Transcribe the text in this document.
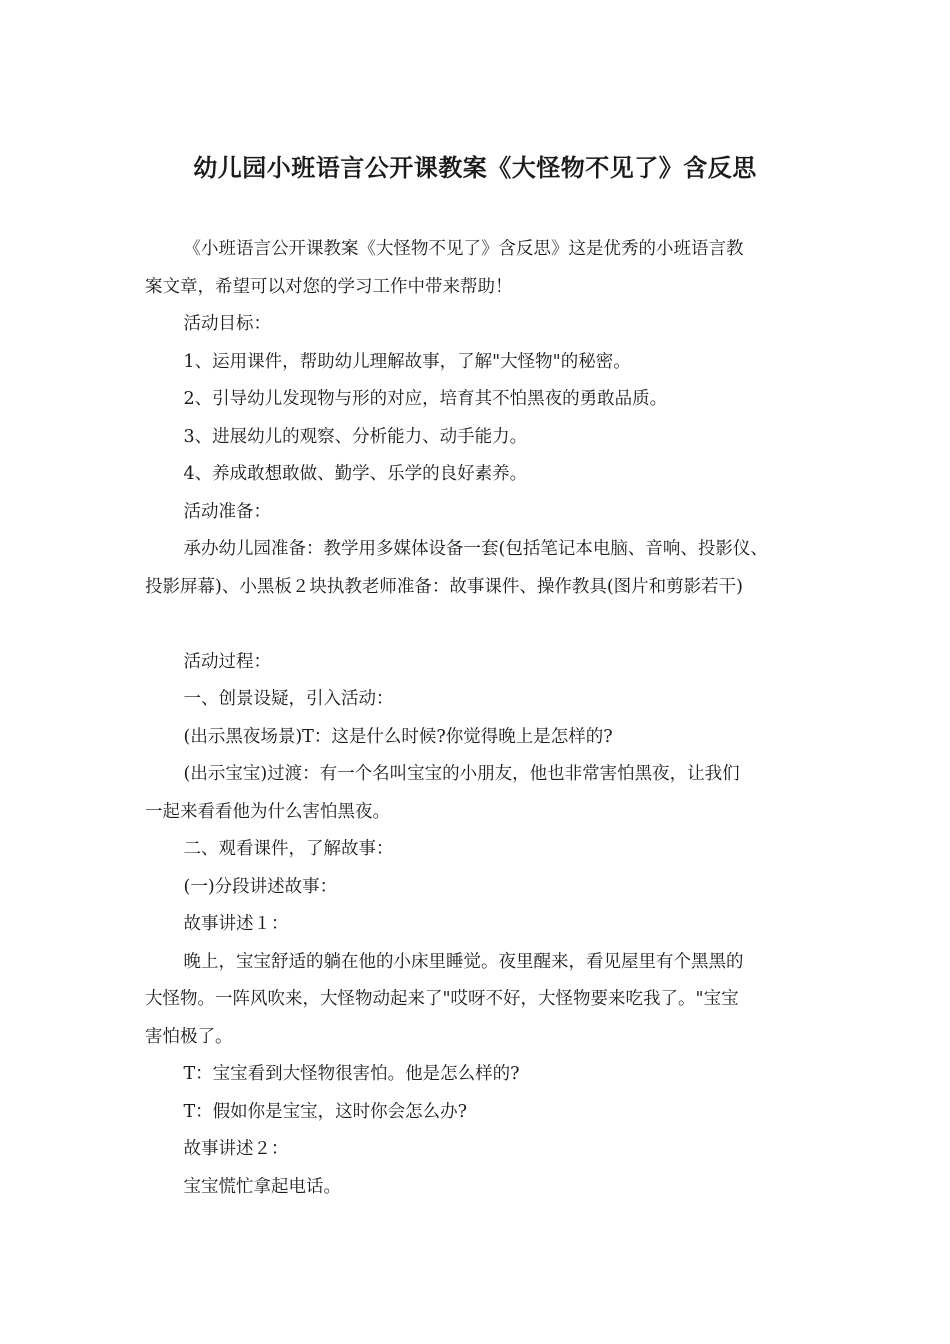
幼儿园小班语言公开课教案《大怪物不见了》含反思

《小班语言公开课教案《大怪物不见了》含反思》这是优秀的小班语言教
案文章，希望可以对您的学习工作中带来帮助！

活动目标：

1、运用课件，帮助幼儿理解故事，了解"大怪物"的秘密。

2、引导幼儿发现物与形的对应，培育其不怕黑夜的勇敢品质。

3、进展幼儿的观察、分析能力、动手能力。

4、养成敢想敢做、勤学、乐学的良好素养。

活动准备：

承办幼儿园准备：教学用多媒体设备一套(包括笔记本电脑、音响、投影仪、
投影屏幕)、小黑板２块执教老师准备：故事课件、操作教具(图片和剪影若干)

活动过程：

一、创景设疑，引入活动：

(出示黑夜场景)T：这是什么时候?你觉得晚上是怎样的?

(出示宝宝)过渡：有一个名叫宝宝的小朋友，他也非常害怕黑夜，让我们
一起来看看他为什么害怕黑夜。

二、观看课件，了解故事：

(一)分段讲述故事：

故事讲述１：

晚上，宝宝舒适的躺在他的小床里睡觉。夜里醒来，看见屋里有个黑黑的
大怪物。一阵风吹来，大怪物动起来了"哎呀不好，大怪物要来吃我了。"宝宝
害怕极了。

T：宝宝看到大怪物很害怕。他是怎么样的?

T：假如你是宝宝，这时你会怎么办?

故事讲述２：

宝宝慌忙拿起电话。
